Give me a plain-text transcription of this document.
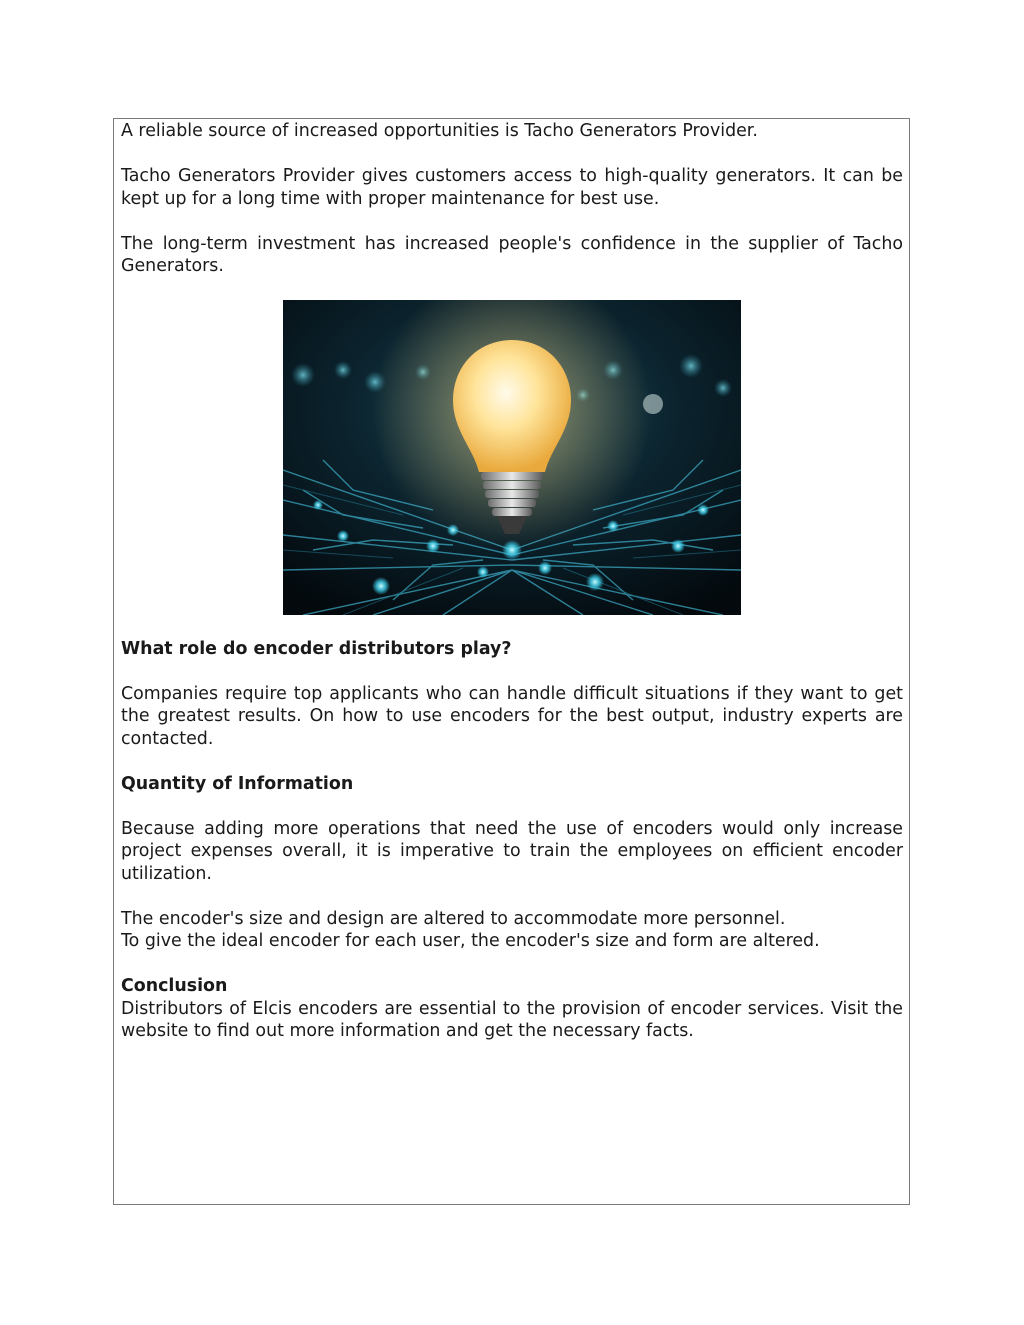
A reliable source of increased opportunities is Tacho Generators Provider.

Tacho Generators Provider gives customers access to high-quality generators. It can be kept up for a long time with proper maintenance for best use.

The long-term investment has increased people's confidence in the supplier of Tacho Generators.

What role do encoder distributors play?

Companies require top applicants who can handle difficult situations if they want to get the greatest results. On how to use encoders for the best output, industry experts are contacted.

Quantity of Information

Because adding more operations that need the use of encoders would only increase project expenses overall, it is imperative to train the employees on efficient encoder utilization.

The encoder's size and design are altered to accommodate more personnel.

To give the ideal encoder for each user, the encoder's size and form are altered.

Conclusion

Distributors of Elcis encoders are essential to the provision of encoder services. Visit the website to find out more information and get the necessary facts.
